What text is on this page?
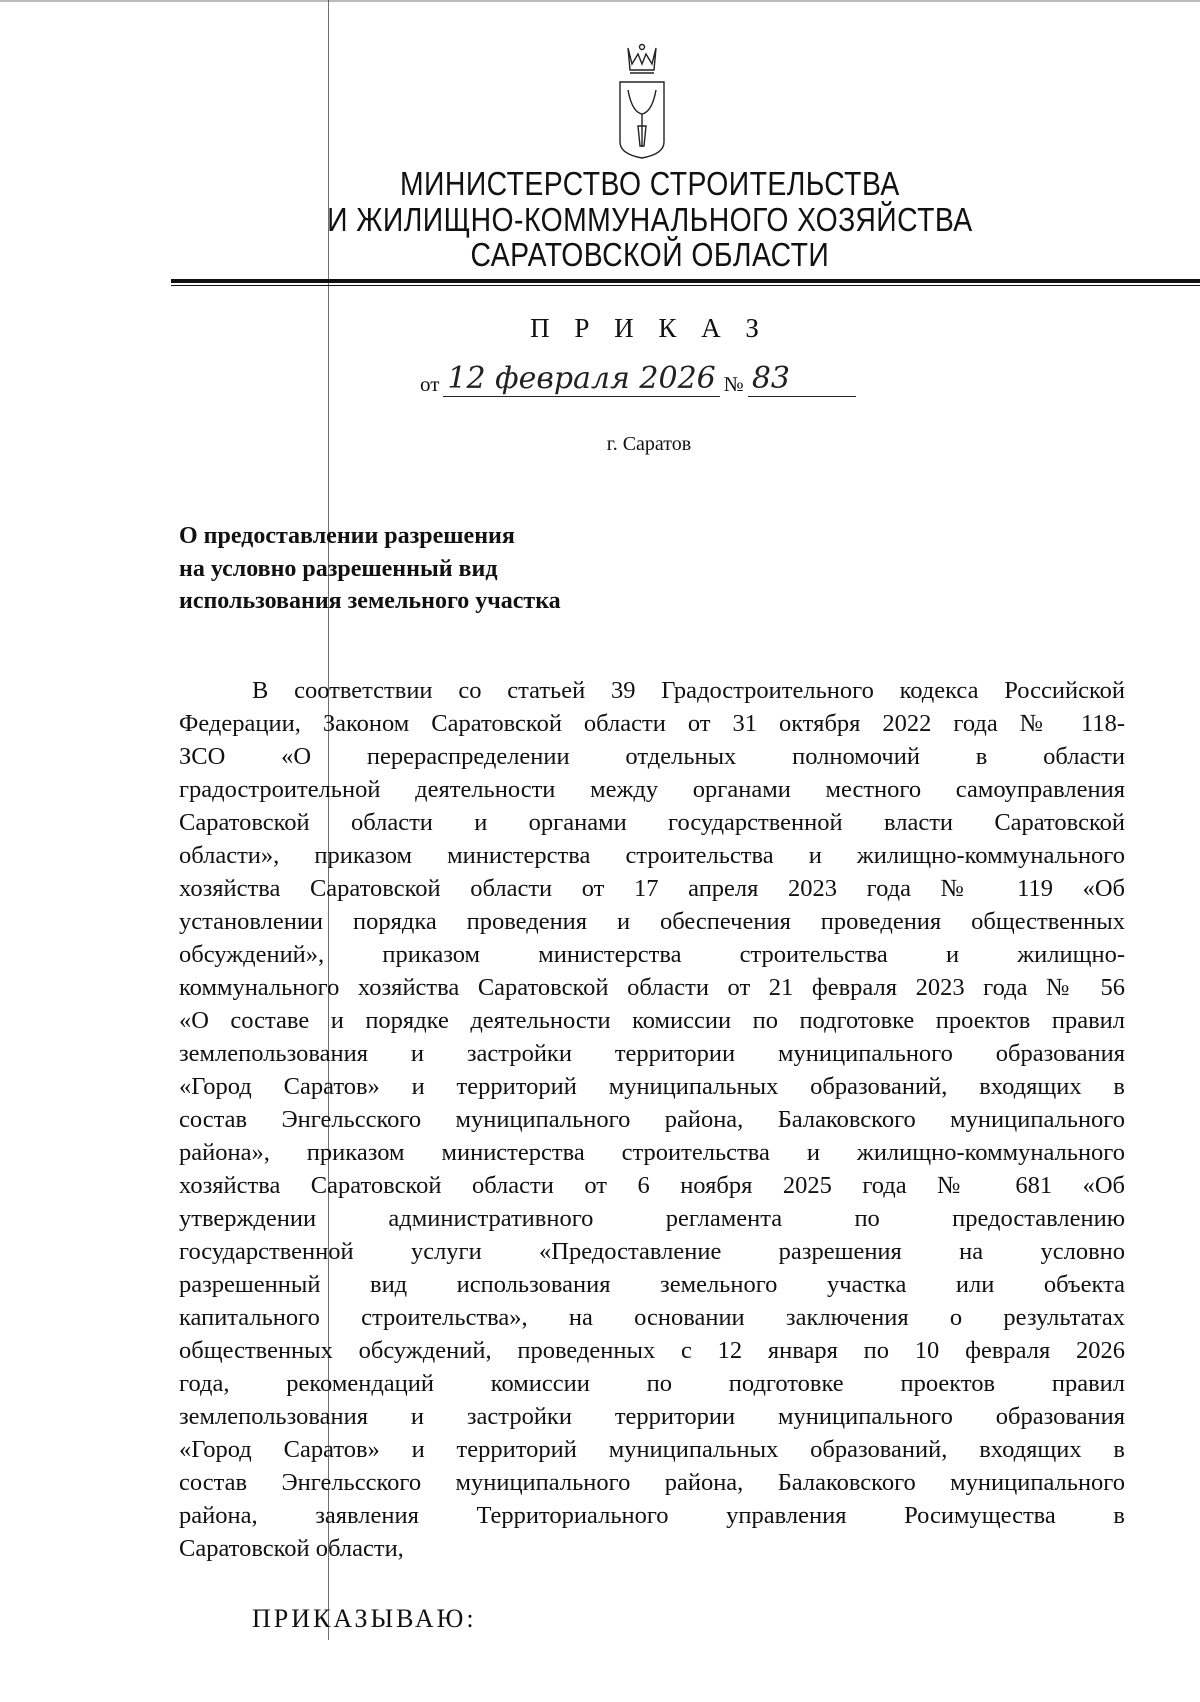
МИНИСТЕРСТВО СТРОИТЕЛЬСТВА
И ЖИЛИЩНО-КОММУНАЛЬНОГО ХОЗЯЙСТВА
САРАТОВСКОЙ ОБЛАСТИ
П Р И К А З
от 12 февраля 2026 № 83
г. Саратов
О предоставлении разрешения
на условно разрешенный вид
использования земельного участка
В соответствии со статьей 39 Градостроительного кодекса Российской
Федерации, Законом Саратовской области от 31 октября 2022 года № 118-
ЗСО «О перераспределении отдельных полномочий в области
градостроительной деятельности между органами местного самоуправления
Саратовской области и органами государственной власти Саратовской
области», приказом министерства строительства и жилищно-коммунального
хозяйства Саратовской области от 17 апреля 2023 года № 119 «Об
установлении порядка проведения и обеспечения проведения общественных
обсуждений», приказом министерства строительства и жилищно-
коммунального хозяйства Саратовской области от 21 февраля 2023 года № 56
«О составе и порядке деятельности комиссии по подготовке проектов правил
землепользования и застройки территории муниципального образования
«Город Саратов» и территорий муниципальных образований, входящих в
состав Энгельсского муниципального района, Балаковского муниципального
района», приказом министерства строительства и жилищно-коммунального
хозяйства Саратовской области от 6 ноября 2025 года № 681 «Об
утверждении административного регламента по предоставлению
государственной услуги «Предоставление разрешения на условно
разрешенный вид использования земельного участка или объекта
капитального строительства», на основании заключения о результатах
общественных обсуждений, проведенных с 12 января по 10 февраля 2026
года, рекомендаций комиссии по подготовке проектов правил
землепользования и застройки территории муниципального образования
«Город Саратов» и территорий муниципальных образований, входящих в
состав Энгельсского муниципального района, Балаковского муниципального
района, заявления Территориального управления Росимущества в
Саратовской области,
ПРИКАЗЫВАЮ:
